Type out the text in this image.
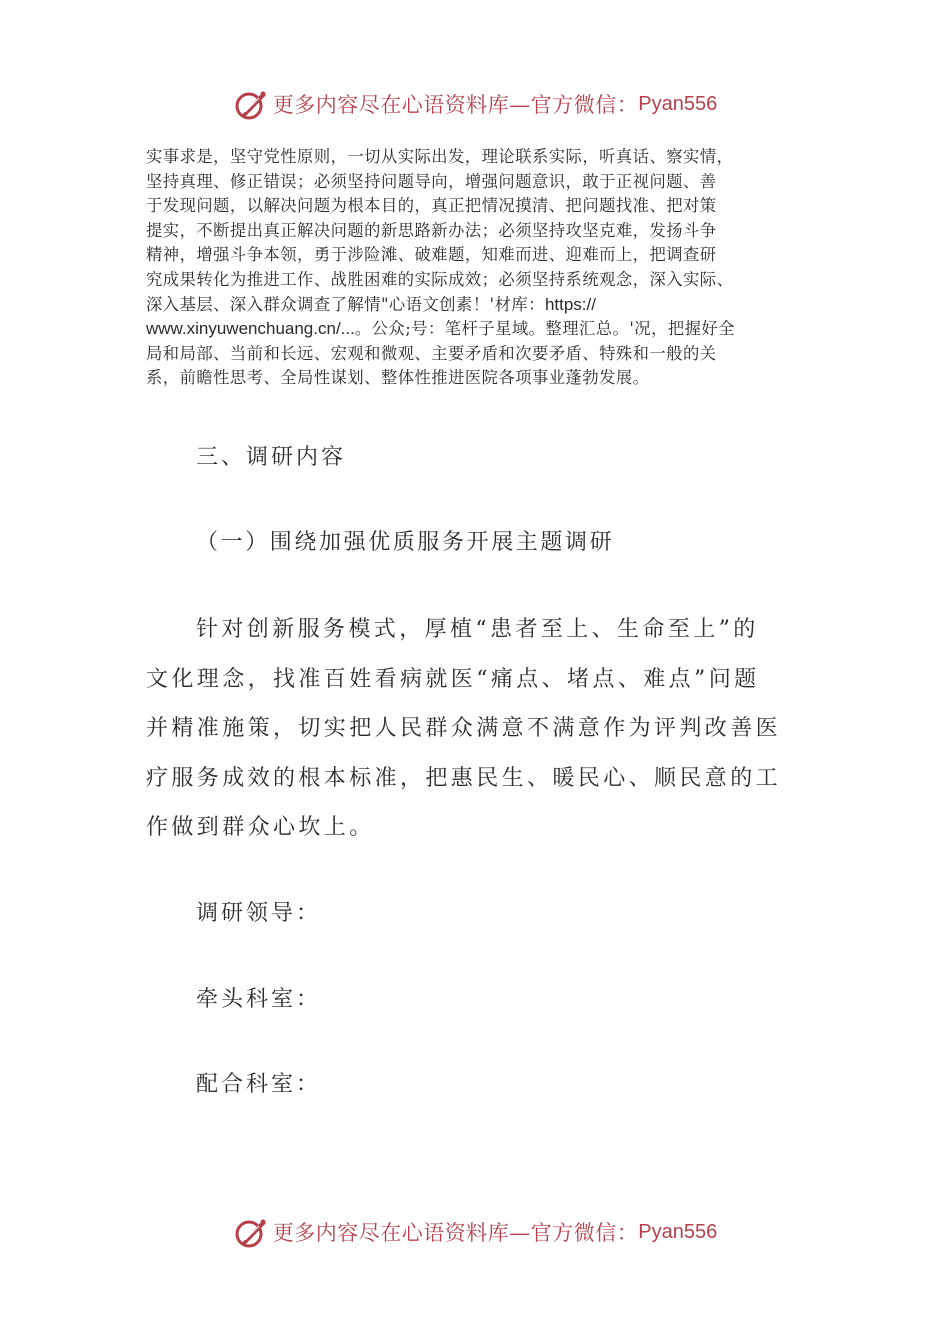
更多内容尽在心语资料库—官方微信： Pyan556

实事求是，坚守党性原则，一切从实际出发，理论联系实际，听真话、察实情，

坚持真理、修正错误；必须坚持问题导向，增强问题意识，敢于正视问题、善

于发现问题，以解决问题为根本目的，真正把情况摸清、把问题找准、把对策

提实，不断提出真正解决问题的新思路新办法；必须坚持攻坚克难，发扬斗争

精神，增强斗争本领，勇于涉险滩、破难题，知难而进、迎难而上，把调查研

究成果转化为推进工作、战胜困难的实际成效；必须坚持系统观念，深入实际、

深入基层、深入群众调查了解情"心语文创素！'材库：https://

www.xinyuwenchuang.cn/...。公众;号：笔杆子星域。整理汇总。'况，把握好全

局和局部、当前和长远、宏观和微观、主要矛盾和次要矛盾、特殊和一般的关

系，前瞻性思考、全局性谋划、整体性推进医院各项事业蓬勃发展。

三、调研内容
（一）围绕加强优质服务开展主题调研

针对创新服务模式，厚植“患者至上、生命至上”的

文化理念，找准百姓看病就医“痛点、堵点、难点”问题

并精准施策，切实把人民群众满意不满意作为评判改善医

疗服务成效的根本标准，把惠民生、暖民心、顺民意的工

作做到群众心坎上。

调研领导：
牵头科室：
配合科室：
更多内容尽在心语资料库—官方微信： Pyan556
